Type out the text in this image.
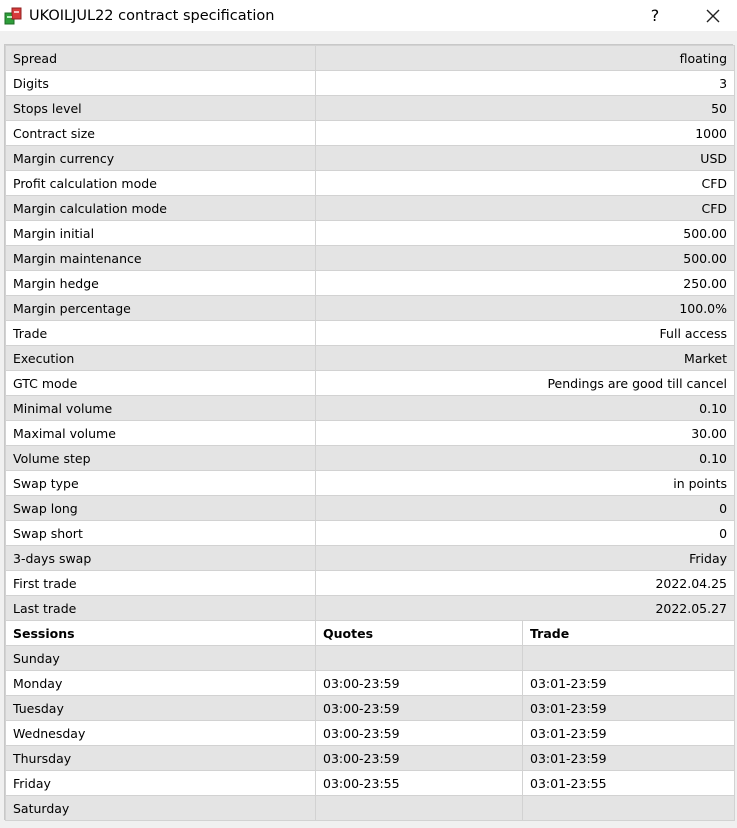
UKOILJUL22 contract specification	?
Spread	floating	
Digits	3	
Stops level	50	
Contract size	1000	
Margin currency	USD	
Profit calculation mode	CFD	
Margin calculation mode	CFD	
Margin initial	500.00	
Margin maintenance	500.00	
Margin hedge	250.00	
Margin percentage	100.0%	
Trade	Full access	
Execution	Market	
GTC mode	Pendings are good till cancel	
Minimal volume	0.10	
Maximal volume	30.00	
Volume step	0.10	
Swap type	in points	
Swap long	0	
Swap short	0	
3-days swap	Friday	
First trade	2022.04.25	
Last trade	2022.05.27	
Sessions	Quotes	Trade
Sunday		
Monday	03:00-23:59	03:01-23:59
Tuesday	03:00-23:59	03:01-23:59
Wednesday	03:00-23:59	03:01-23:59
Thursday	03:00-23:59	03:01-23:59
Friday	03:00-23:55	03:01-23:55
Saturday		
